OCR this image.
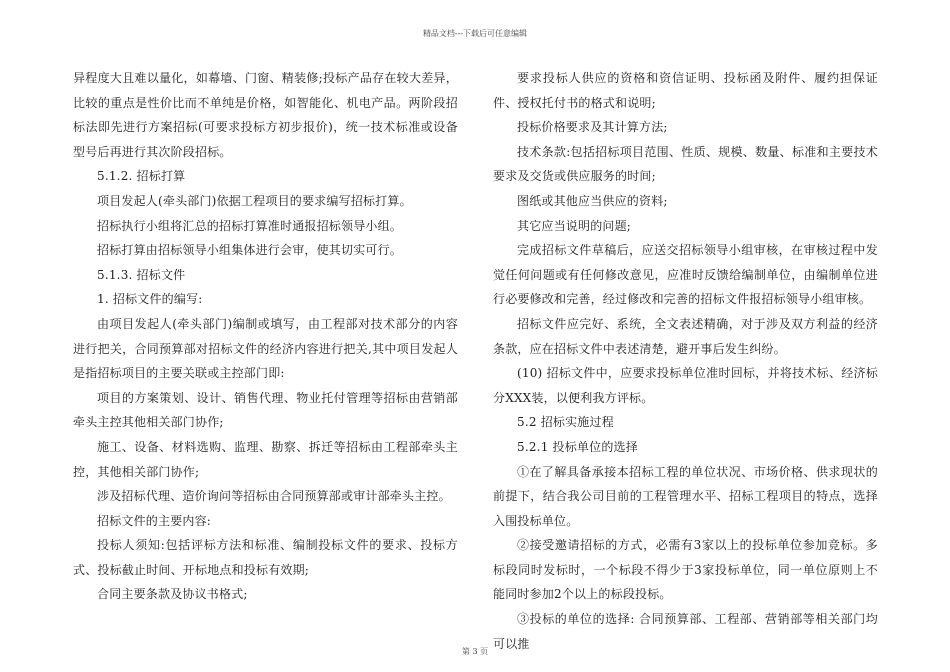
精品文档---下载后可任意编辑

异程度大且难以量化，如幕墙、门窗、精装修;投标产品存在较大差异，比较的重点是性价比而不单纯是价格，如智能化、机电产品。两阶段招标法即先进行方案招标(可要求投标方初步报价)，统一技术标准或设备型号后再进行其次阶段招标。

5.1.2. 招标打算

项目发起人(牵头部门)依据工程项目的要求编写招标打算。

招标执行小组将汇总的招标打算准时通报招标领导小组。

招标打算由招标领导小组集体进行会审，使其切实可行。

5.1.3. 招标文件

1. 招标文件的编写:

由项目发起人(牵头部门)编制或填写，由工程部对技术部分的内容进行把关，合同预算部对招标文件的经济内容进行把关,其中项目发起人是指招标项目的主要关联或主控部门即:

项目的方案策划、设计、销售代理、物业托付管理等招标由营销部牵头主控其他相关部门协作;

施工、设备、材料选购、监理、勘察、拆迁等招标由工程部牵头主控，其他相关部门协作;

涉及招标代理、造价询问等招标由合同预算部或审计部牵头主控。

招标文件的主要内容:

投标人须知:包括评标方法和标准、编制投标文件的要求、投标方式、投标截止时间、开标地点和投标有效期;

合同主要条款及协议书格式;

要求投标人供应的资格和资信证明、投标函及附件、履约担保证件、授权托付书的格式和说明;

投标价格要求及其计算方法;

技术条款:包括招标项目范围、性质、规模、数量、标准和主要技术要求及交货或供应服务的时间;

图纸或其他应当供应的资料;

其它应当说明的问题;

完成招标文件草稿后，应送交招标领导小组审核，在审核过程中发觉任何问题或有任何修改意见，应准时反馈给编制单位，由编制单位进行必要修改和完善，经过修改和完善的招标文件报招标领导小组审核。

招标文件应完好、系统，全文表述精确，对于涉及双方利益的经济条款，应在招标文件中表述清楚，避开事后发生纠纷。

(10) 招标文件中，应要求投标单位准时回标，并将技术标、经济标分XXX装，以便利我方评标。

5.2 招标实施过程

5.2.1 投标单位的选择

①在了解具备承接本招标工程的单位状况、市场价格、供求现状的前提下，结合我公司目前的工程管理水平、招标工程项目的特点，选择入围投标单位。

②接受邀请招标的方式，必需有3家以上的投标单位参加竞标。多标段同时发标时，一个标段不得少于3家投标单位，同一单位原则上不能同时参加2个以上的标段投标。

③投标的单位的选择: 合同预算部、工程部、营销部等相关部门均可以推

第 3 页
